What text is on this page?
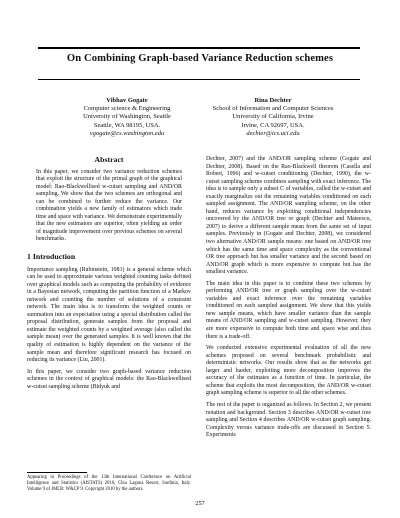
On Combining Graph-based Variance Reduction schemes
Vibhav Gogate
Computer science & Engineering
University of Washington, Seattle
Seattle, WA 98195, USA.
vgogate@cs.washington.edu
Rina Dechter
School of Information and Computer Sciences
University of California, Irvine
Irvine, CA 92697, USA.
dechter@ics.uci.edu
Abstract

In this paper, we consider two variance reduction schemes that exploit the structure of the primal graph of the graphical model: Rao-Blackwellised w-cutset sampling and AND/OR sampling. We show that the two schemes are orthogonal and can be combined to further reduce the variance. Our combination yields a new family of estimators which trade time and space with variance. We demonstrate experimentally that the new estimators are superior, often yielding an order of magnitude improvement over previous schemes on several benchmarks.

1 Introduction

Importance sampling (Rubinstein, 1981) is a general scheme which can be used to approximate various weighted counting tasks defined over graphical models such as computing the probability of evidence in a Bayesian network, computing the partition function of a Markov network and counting the number of solutions of a constraint network. The main idea is to transform the weighted counts or summation into an expectation using a special distribution called the proposal distribution, generate samples from the proposal and estimate the weighted counts by a weighted average (also called the sample mean) over the generated samples. It is well known that the quality of estimation is highly dependent on the variance of the sample mean and therefore significant research has focused on reducing its variance (Liu, 2001).

In this paper, we consider two graph-based variance reduction schemes in the context of graphical models: the Rao-Blackwellised w-cutset sampling scheme (Bidyuk and

Appearing in Proceedings of the 13th International Conference on Artificial Intelligence and Statistics (AISTATS) 2010, Chia Laguna Resort, Sardinia, Italy. Volume 9 of JMLR: W&CP 9. Copyright 2010 by the authors.

Dechter, 2007) and the AND/OR sampling scheme (Gogate and Dechter, 2008). Based on the Rao-Blackwell theorem (Casella and Robert, 1996) and w-cutset conditioning (Dechter, 1990), the w-cutset sampling scheme combines sampling with exact inference. The idea is to sample only a subset C of variables, called the w-cutset and exactly marginalize out the remaining variables conditioned on each sampled assignment. The AND/OR sampling scheme, on the other hand, reduces variance by exploiting conditional independencies uncovered by the AND/OR tree or graph (Dechter and Mateescu, 2007) to derive a different sample mean from the same set of input samples. Previously in (Gogate and Dechter, 2008), we considered two alternative AND/OR sample means: one based on AND/OR tree which has the same time and space complexity as the conventional OR tree approach but has smaller variance and the second based on AND/OR graph which is more expensive to compute but has the smallest variance.

The main idea in this paper is to combine these two schemes by performing AND/OR tree or graph sampling over the w-cutset variables and exact inference over the remaining variables conditioned on each sampled assignment. We show that this yields new sample means, which have smaller variance than the sample means of AND/OR sampling and w-cutset sampling. However, they are more expensive to compute both time and space wise and thus there is a trade-off.

We conducted extensive experimental evaluation of all the new schemes proposed on several benchmark probabilistic and deterministic networks. Our results show that as the networks get larger and harder, exploiting more decomposition improves the accuracy of the estimates as a function of time. In particular, the scheme that exploits the most decomposition, the AND/OR w-cutset graph sampling scheme is superior to all the other schemes.

The rest of the paper is organized as follows. In Section 2, we present notation and background. Section 3 describes AND/OR w-cutset tree sampling and Section 4 describes AND/OR w-cutset graph sampling. Complexity versus variance trade-offs are discussed in Section 5. Experiments

257
